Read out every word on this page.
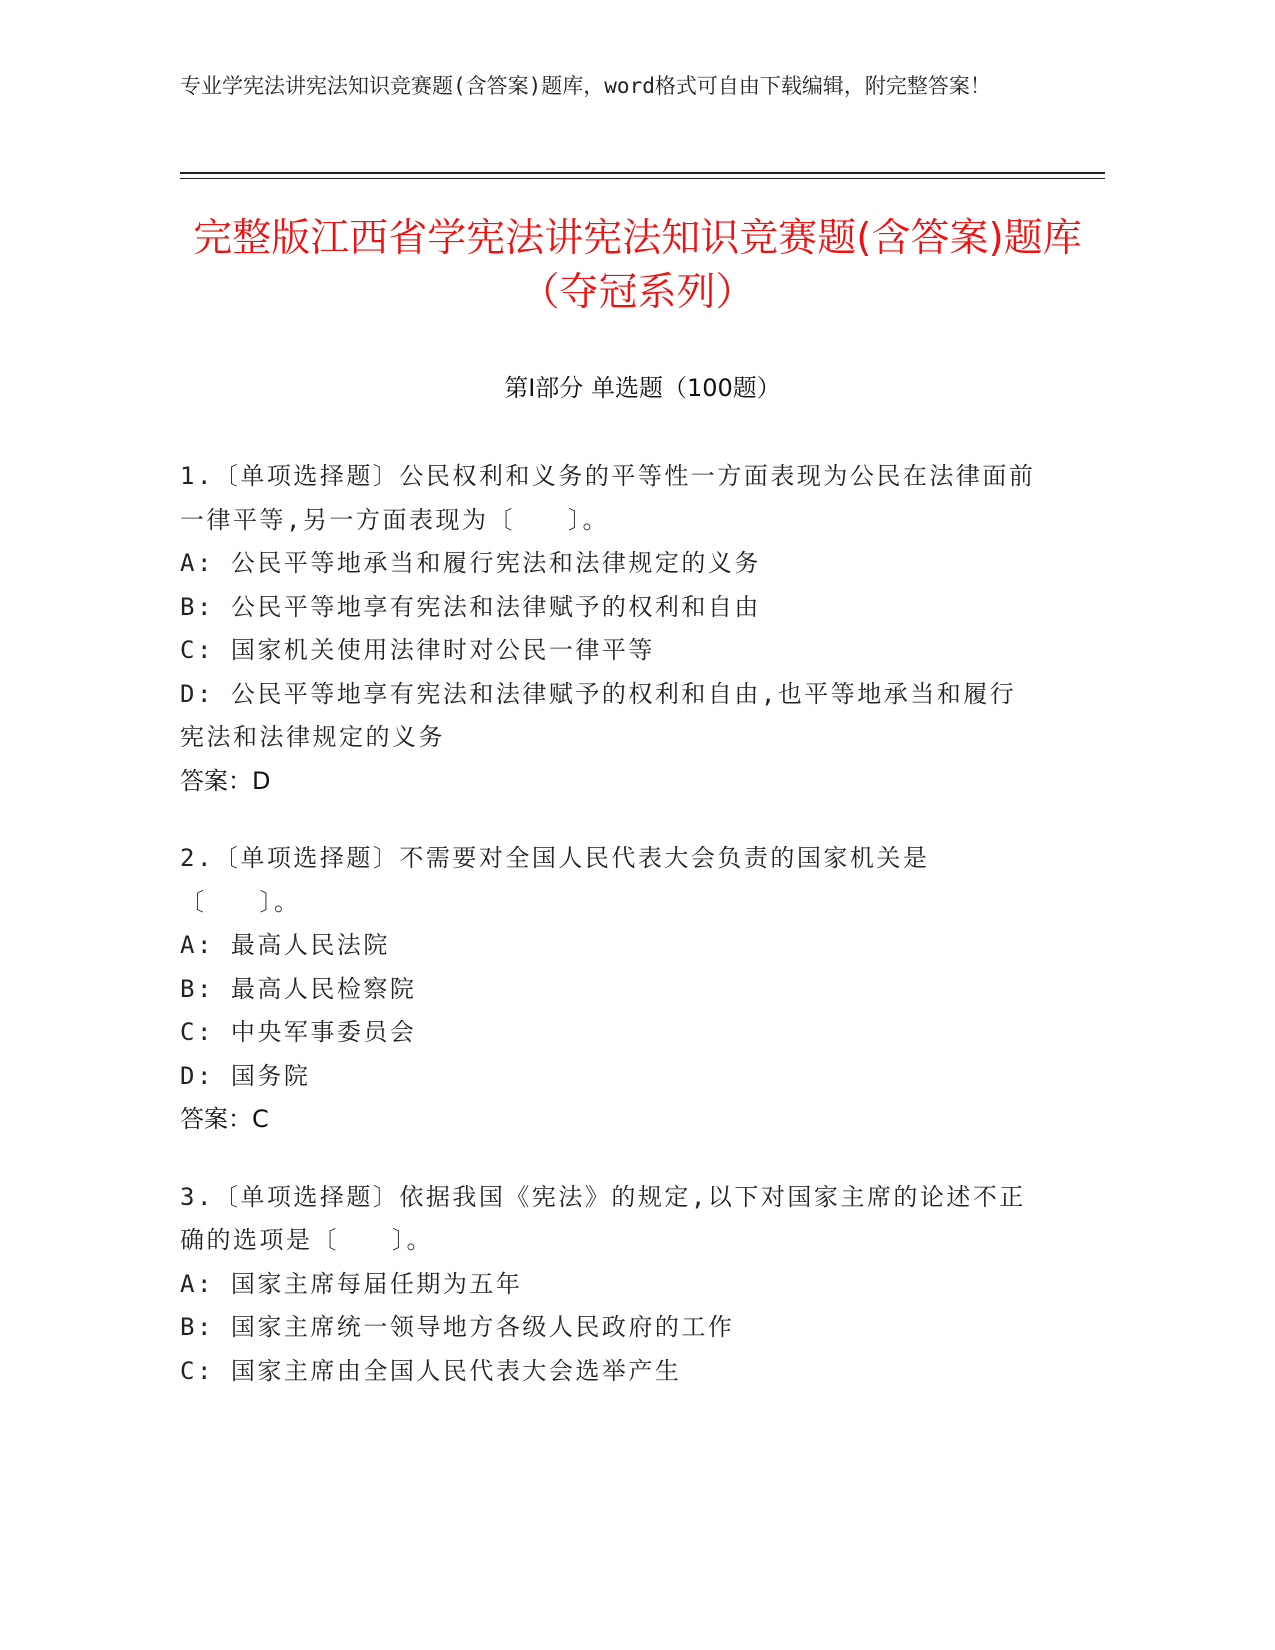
专业学宪法讲宪法知识竞赛题(含答案)题库，word格式可自由下载编辑，附完整答案！
完整版江西省学宪法讲宪法知识竞赛题(含答案)题库（夺冠系列）
第Ⅰ部分 单选题（100题）
1.〔单项选择题〕公民权利和义务的平等性一方面表现为公民在法律面前一律平等,另一方面表现为〔　　〕。
A: 公民平等地承当和履行宪法和法律规定的义务
B: 公民平等地享有宪法和法律赋予的权利和自由
C: 国家机关使用法律时对公民一律平等
D: 公民平等地享有宪法和法律赋予的权利和自由,也平等地承当和履行宪法和法律规定的义务
答案：D
2.〔单项选择题〕不需要对全国人民代表大会负责的国家机关是〔　　〕。
A: 最高人民法院
B: 最高人民检察院
C: 中央军事委员会
D: 国务院
答案：C
3.〔单项选择题〕依据我国《宪法》的规定,以下对国家主席的论述不正确的选项是〔　　〕。
A: 国家主席每届任期为五年
B: 国家主席统一领导地方各级人民政府的工作
C: 国家主席由全国人民代表大会选举产生
